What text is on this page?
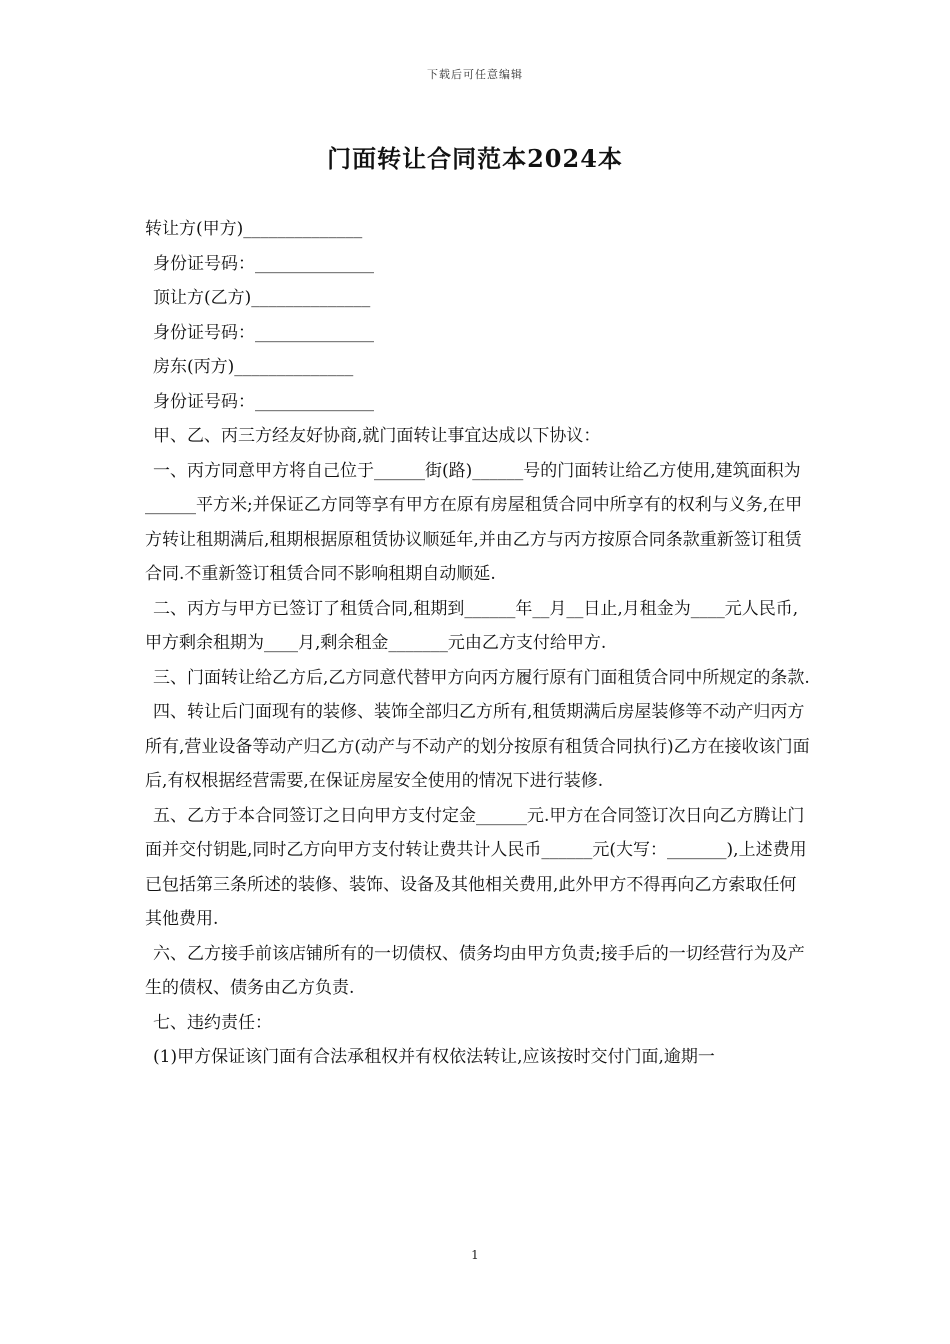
下载后可任意编辑
门面转让合同范本2024本

转让方(甲方)______________

身份证号码：______________

顶让方(乙方)______________

身份证号码：______________

房东(丙方)______________

身份证号码：______________

甲、乙、丙三方经友好协商,就门面转让事宜达成以下协议：

一、丙方同意甲方将自己位于______街(路)______号的门面转让给乙方使用,建筑面积为______平方米;并保证乙方同等享有甲方在原有房屋租赁合同中所享有的权利与义务,在甲方转让租期满后,租期根据原租赁协议顺延年,并由乙方与丙方按原合同条款重新签订租赁合同.不重新签订租赁合同不影响租期自动顺延.

二、丙方与甲方已签订了租赁合同,租期到______年__月__日止,月租金为____元人民币,甲方剩余租期为____月,剩余租金_______元由乙方支付给甲方.

三、门面转让给乙方后,乙方同意代替甲方向丙方履行原有门面租赁合同中所规定的条款.

四、转让后门面现有的装修、装饰全部归乙方所有,租赁期满后房屋装修等不动产归丙方所有,营业设备等动产归乙方(动产与不动产的划分按原有租赁合同执行)乙方在接收该门面后,有权根据经营需要,在保证房屋安全使用的情况下进行装修.

五、乙方于本合同签订之日向甲方支付定金______元.甲方在合同签订次日向乙方腾让门面并交付钥匙,同时乙方向甲方支付转让费共计人民币______元(大写：_______),上述费用已包括第三条所述的装修、装饰、设备及其他相关费用,此外甲方不得再向乙方索取任何其他费用.

六、乙方接手前该店铺所有的一切债权、债务均由甲方负责;接手后的一切经营行为及产生的债权、债务由乙方负责.

七、违约责任：

(1)甲方保证该门面有合法承租权并有权依法转让,应该按时交付门面,逾期一

1
